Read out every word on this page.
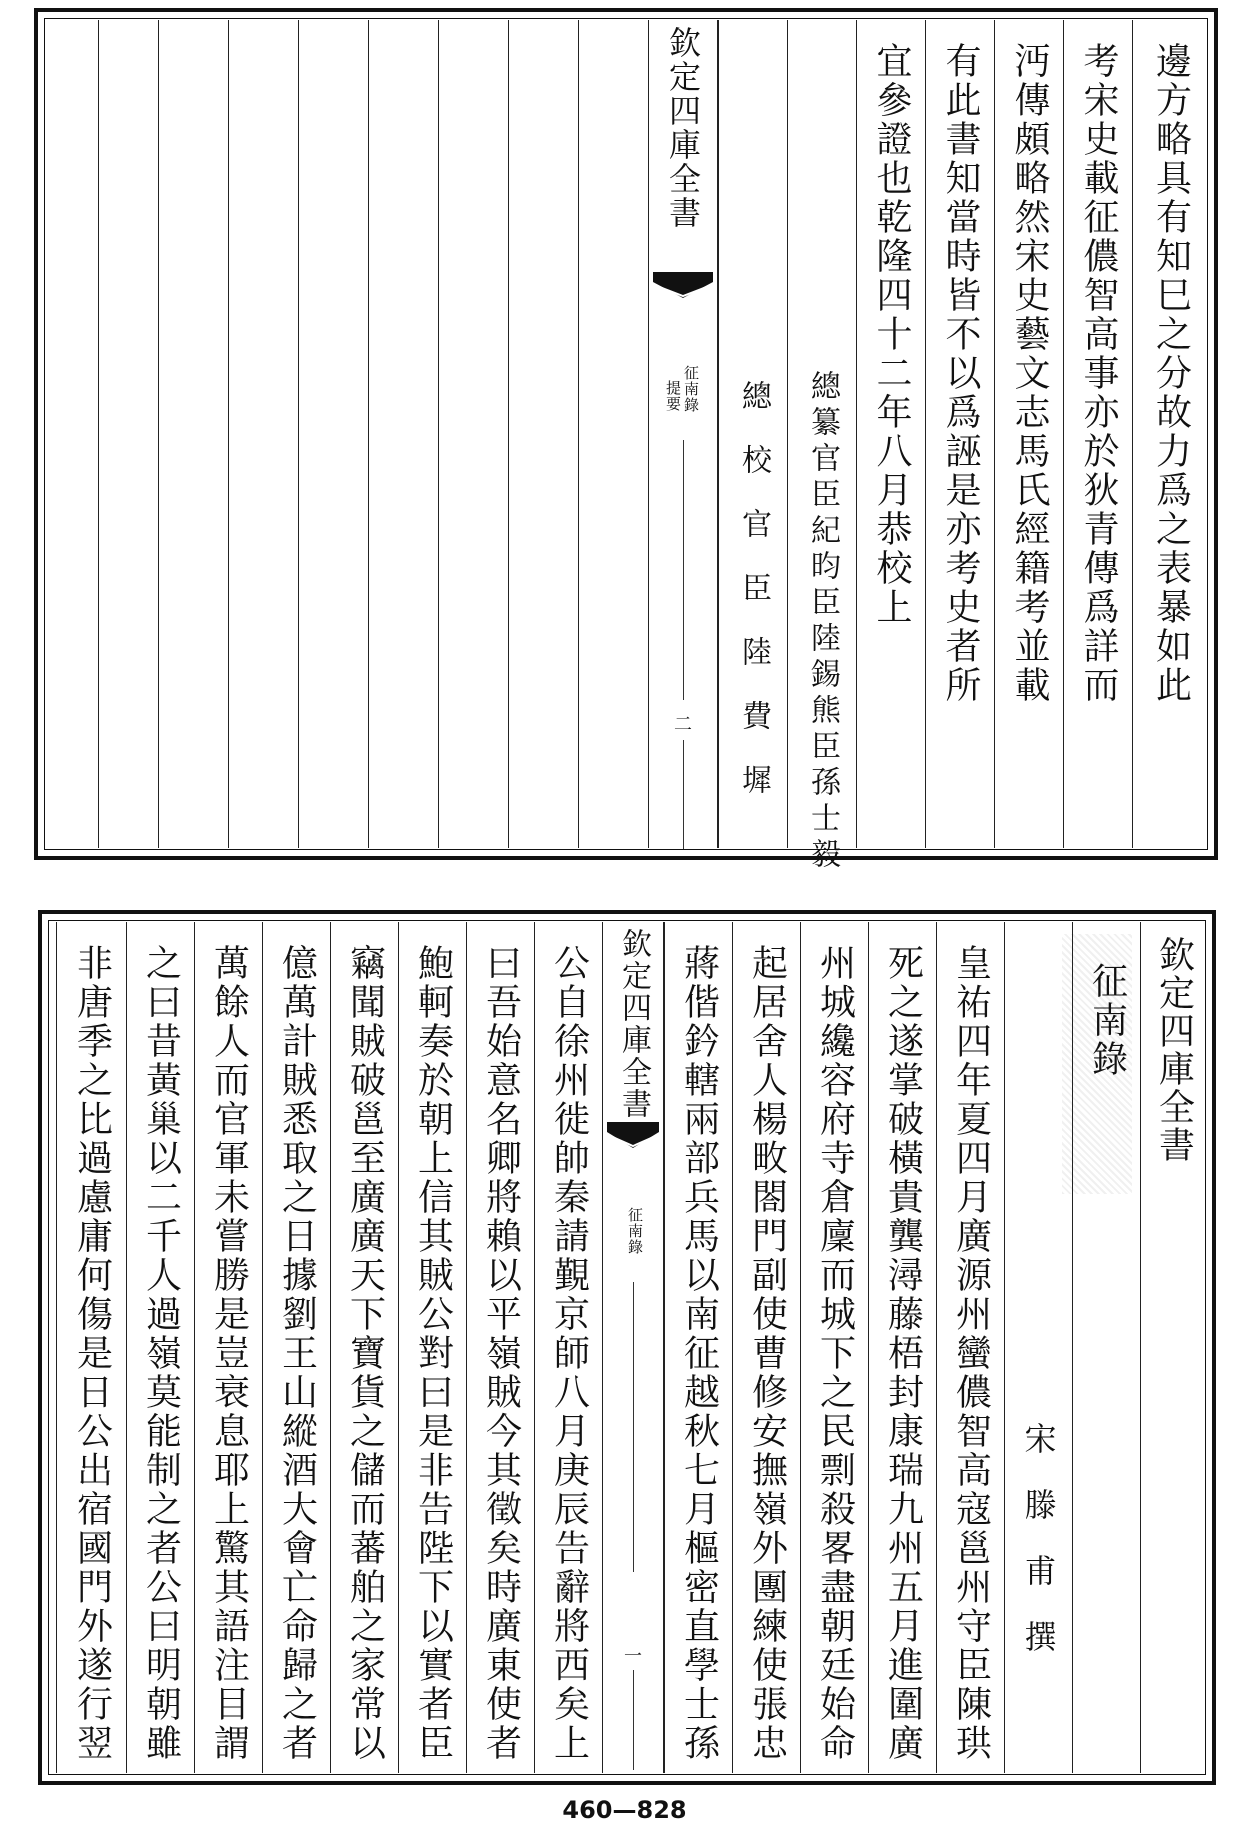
邊方略具有知巳之分故力爲之表暴如此
考宋史載征儂智高事亦於狄青傳爲詳而
沔傳頗略然宋史藝文志馬氏經籍考並載
有此書知當時皆不以爲誣是亦考史者所
宜參證也乾隆四十二年八月恭校上
總纂官臣紀昀臣陸錫熊臣孫士毅
總校官臣陸費墀
欽定四庫全書
征南錄
提要
二
欽定四庫全書
征南錄
宋滕甫撰
皇祐四年夏四月廣源州蠻儂智高寇邕州守臣陳珙
死之遂掌破橫貴龔潯藤梧封康瑞九州五月進圍廣
州城纔容府寺倉廩而城下之民剽殺畧盡朝廷始命
起居舍人楊畋閤門副使曹修安撫嶺外團練使張忠
蔣偕鈐轄兩部兵馬以南征越秋七月樞密直學士孫
欽定四庫全書
征南錄
一
公自徐州徙帥秦請覲京師八月庚辰告辭將西矣上
曰吾始意名卿將賴以平嶺賊今其徵矣時廣東使者
鮑軻奏於朝上信其賊公對曰是非告陛下以實者臣
竊聞賊破邕至廣廣天下寶貨之儲而蕃舶之家常以
億萬計賊悉取之日據劉王山縱酒大會亡命歸之者
萬餘人而官軍未嘗勝是豈衰息耶上驚其語注目謂
之曰昔黃巢以二千人過嶺莫能制之者公曰明朝雖
非唐季之比過慮庸何傷是日公出宿國門外遂行翌
460—828
